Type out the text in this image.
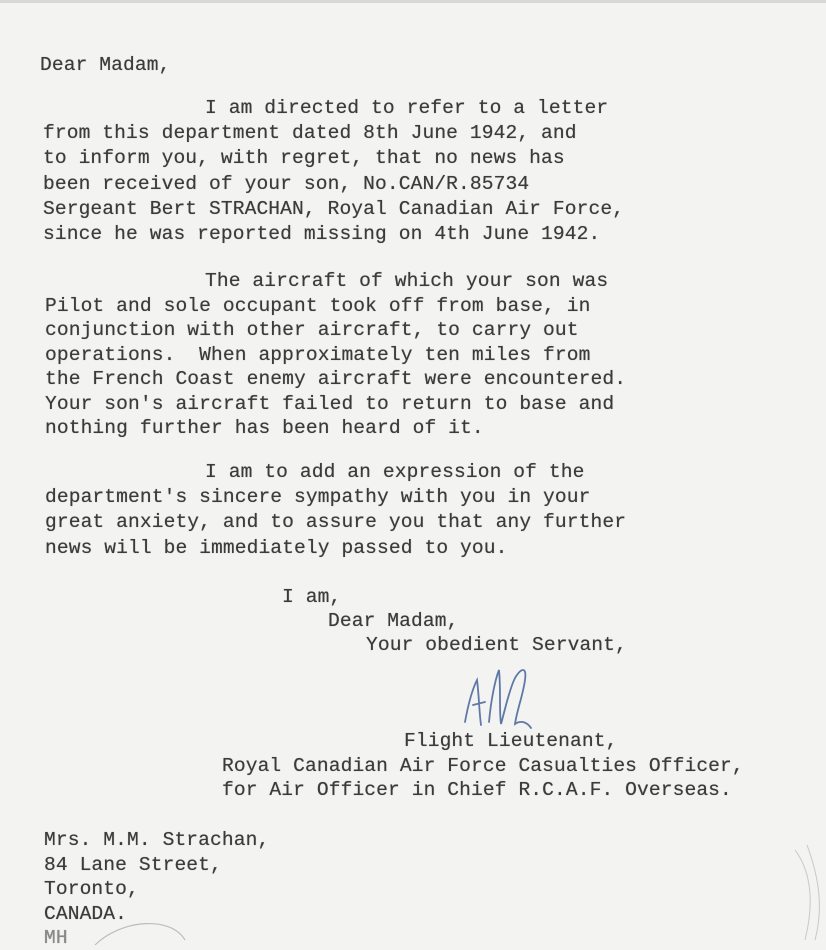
Dear Madam,
I am directed to refer to a letter
from this department dated 8th June 1942, and
to inform you, with regret, that no news has
been received of your son, No.CAN/R.85734
Sergeant Bert STRACHAN, Royal Canadian Air Force,
since he was reported missing on 4th June 1942.
The aircraft of which your son was
Pilot and sole occupant took off from base, in
conjunction with other aircraft, to carry out
operations.  When approximately ten miles from
the French Coast enemy aircraft were encountered.
Your son's aircraft failed to return to base and
nothing further has been heard of it.
I am to add an expression of the
department's sincere sympathy with you in your
great anxiety, and to assure you that any further
news will be immediately passed to you.
I am,
Dear Madam,
Your obedient Servant,
Flight Lieutenant,
Royal Canadian Air Force Casualties Officer,
for Air Officer in Chief R.C.A.F. Overseas.
Mrs. M.M. Strachan,
84 Lane Street,
Toronto,
CANADA.
MH
